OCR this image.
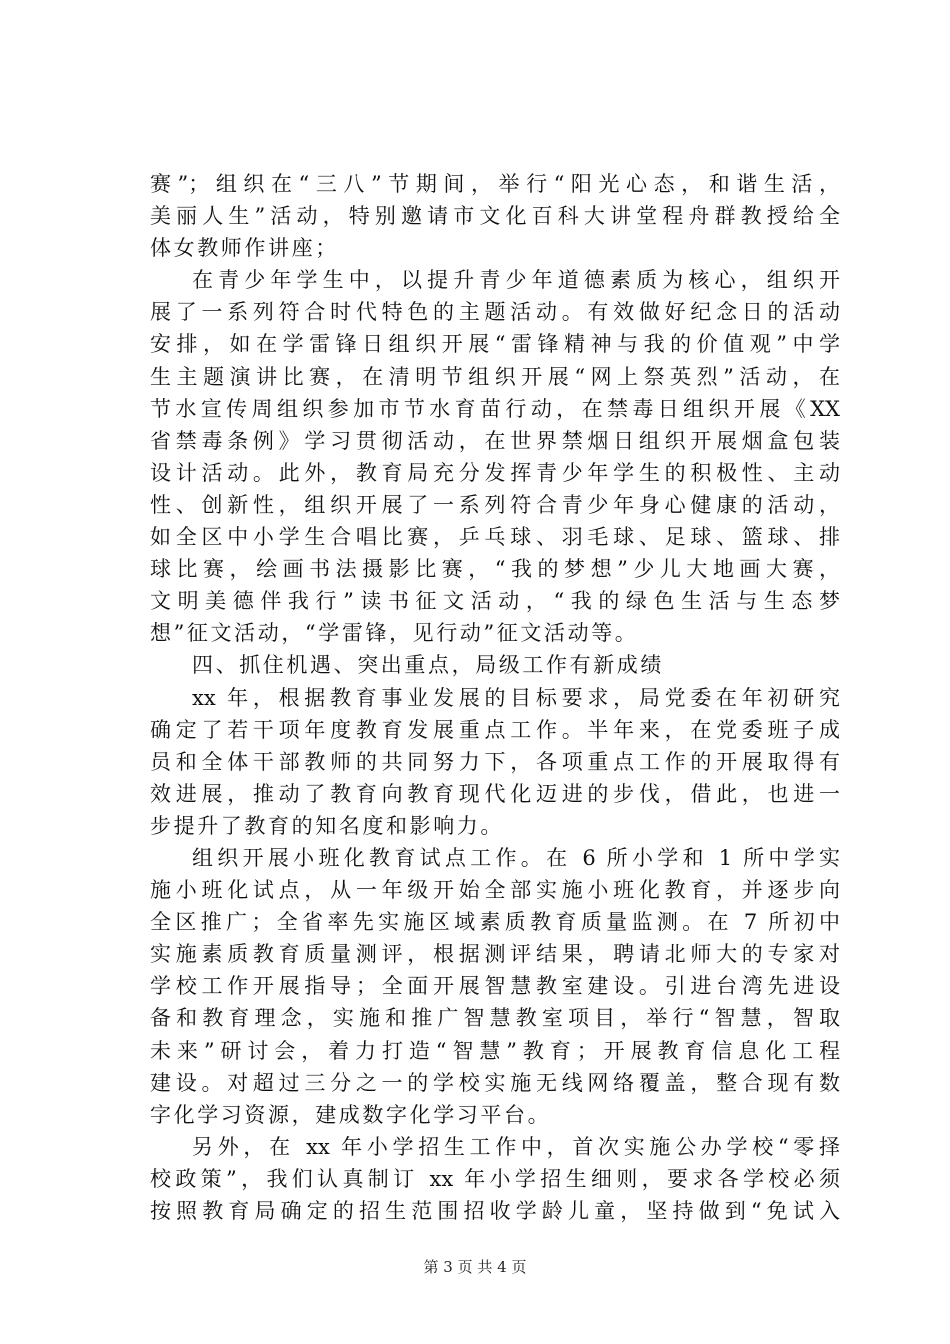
赛”；组织在“三八”节期间，举行“阳光心态，和谐生活，
美丽人生”活动，特别邀请市文化百科大讲堂程舟群教授给全
体女教师作讲座；
在青少年学生中，以提升青少年道德素质为核心，组织开
展了一系列符合时代特色的主题活动。有效做好纪念日的活动
安排，如在学雷锋日组织开展“雷锋精神与我的价值观”中学
生主题演讲比赛，在清明节组织开展“网上祭英烈”活动，在
节水宣传周组织参加市节水育苗行动，在禁毒日组织开展《XX
省禁毒条例》学习贯彻活动，在世界禁烟日组织开展烟盒包装
设计活动。此外，教育局充分发挥青少年学生的积极性、主动
性、创新性，组织开展了一系列符合青少年身心健康的活动，
如全区中小学生合唱比赛，乒乓球、羽毛球、足球、篮球、排
球比赛，绘画书法摄影比赛，“我的梦想”少儿大地画大赛，
文明美德伴我行”读书征文活动，“我的绿色生活与生态梦
想”征文活动，“学雷锋，见行动”征文活动等。
四、抓住机遇、突出重点，局级工作有新成绩
xx 年，根据教育事业发展的目标要求，局党委在年初研究
确定了若干项年度教育发展重点工作。半年来，在党委班子成
员和全体干部教师的共同努力下，各项重点工作的开展取得有
效进展，推动了教育向教育现代化迈进的步伐，借此，也进一
步提升了教育的知名度和影响力。
组织开展小班化教育试点工作。在 6 所小学和 1 所中学实
施小班化试点，从一年级开始全部实施小班化教育，并逐步向
全区推广；全省率先实施区域素质教育质量监测。在 7 所初中
实施素质教育质量测评，根据测评结果，聘请北师大的专家对
学校工作开展指导；全面开展智慧教室建设。引进台湾先进设
备和教育理念，实施和推广智慧教室项目，举行“智慧，智取
未来”研讨会，着力打造“智慧”教育；开展教育信息化工程
建设。对超过三分之一的学校实施无线网络覆盖，整合现有数
字化学习资源，建成数字化学习平台。
另外，在 xx 年小学招生工作中，首次实施公办学校“零择
校政策”，我们认真制订 xx 年小学招生细则，要求各学校必须
按照教育局确定的招生范围招收学龄儿童，坚持做到“免试入
第 3 页 共 4 页
